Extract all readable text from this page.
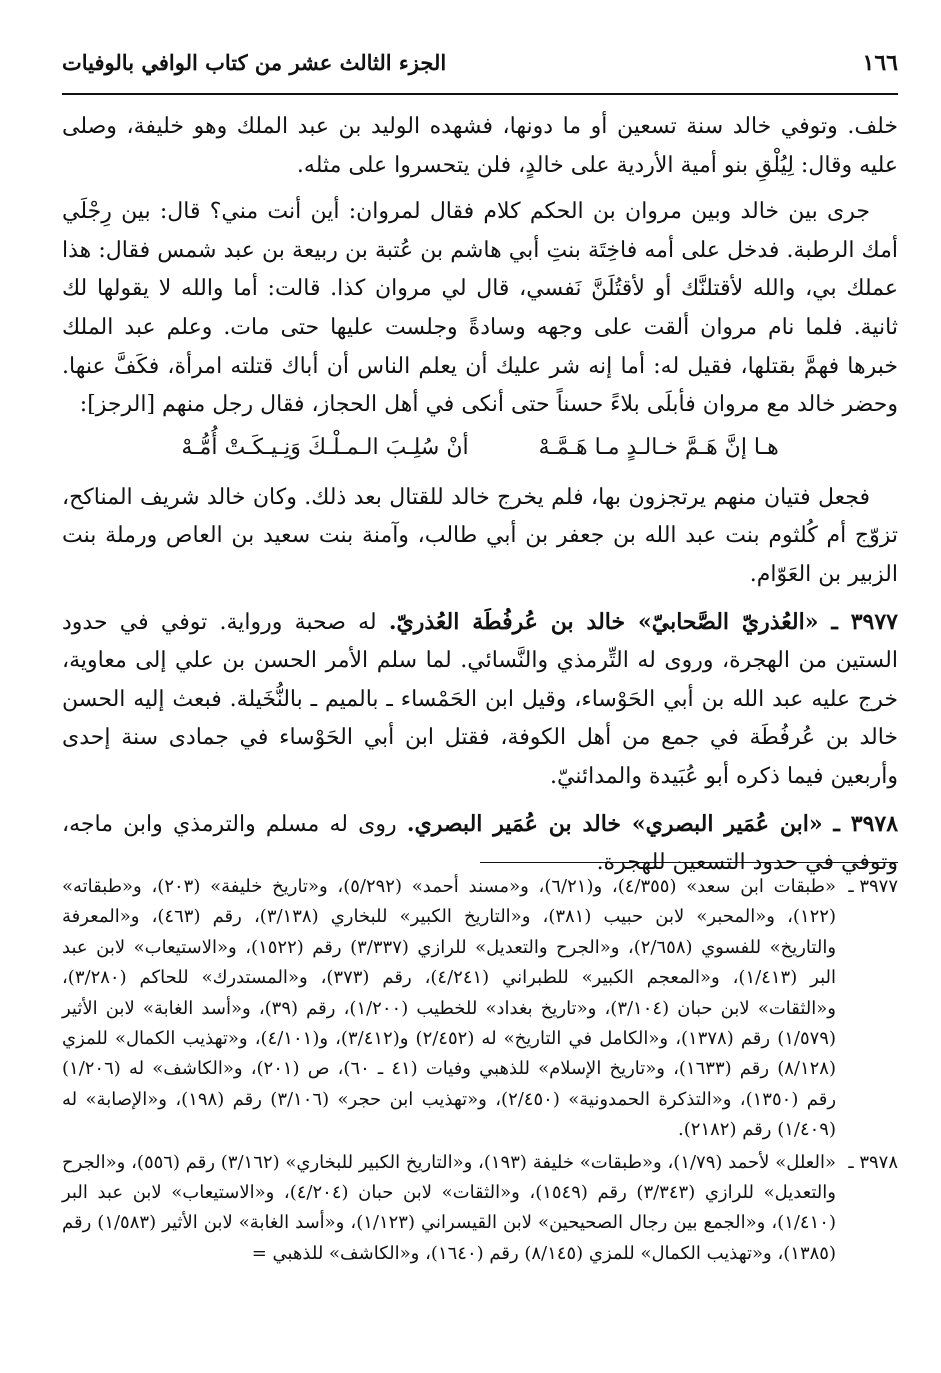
١٦٦
الجزء الثالث عشر من كتاب الوافي بالوفيات

خلف. وتوفي خالد سنة تسعين أو ما دونها، فشهده الوليد بن عبد الملك وهو خليفة، وصلى عليه وقال: لِيُلْقِ بنو أمية الأردية على خالدٍ، فلن يتحسروا على مثله.

جرى بين خالد وبين مروان بن الحكم كلام فقال لمروان: أين أنت مني؟ قال: بين رِجْلَي أمك الرطبة. فدخل على أمه فاخِتَة بنتِ أبي هاشم بن عُتبة بن ربيعة بن عبد شمس فقال: هذا عملك بي، والله لأقتلنَّك أو لأقتُلَنَّ نَفسي، قال لي مروان كذا. قالت: أما والله لا يقولها لك ثانية. فلما نام مروان ألقت على وجهه وسادةً وجلست عليها حتى مات. وعلم عبد الملك خبرها فهمَّ بقتلها، فقيل له: أما إنه شر عليك أن يعلم الناس أن أباك قتلته امرأة، فكَفَّ عنها. وحضر خالد مع مروان فأبلَى بلاءً حسناً حتى أنكى في أهل الحجاز، فقال رجل منهم [الرجز]:

هـا إنَّ هَـمَّ خـالـدٍ مـا هَـمَّـهْ
أنْ سُلِـبَ الـمـلْـكَ وَنِـيـكَـتْ أُمُّـهْ

فجعل فتيان منهم يرتجزون بها، فلم يخرج خالد للقتال بعد ذلك. وكان خالد شريف المناكح، تزوّج أم كُلثوم بنت عبد الله بن جعفر بن أبي طالب، وآمنة بنت سعيد بن العاص ورملة بنت الزبير بن العَوّام.

٣٩٧٧ ـ «العُذريّ الصَّحابيّ» خالد بن عُرفُطَة العُذريّ. له صحبة ورواية. توفي في حدود الستين من الهجرة، وروى له التِّرمذي والنَّسائي. لما سلم الأمر الحسن بن علي إلى معاوية، خرج عليه عبد الله بن أبي الحَوْساء، وقيل ابن الحَمْساء ـ بالميم ـ بالنُّخَيلة. فبعث إليه الحسن خالد بن عُرفُطَة في جمع من أهل الكوفة، فقتل ابن أبي الحَوْساء في جمادى سنة إحدى وأربعين فيما ذكره أبو عُبَيدة والمدائنيّ.

٣٩٧٨ ـ «ابن عُمَير البصري» خالد بن عُمَير البصري. روى له مسلم والترمذي وابن ماجه، وتوفي في حدود التسعين للهجرة.

٣٩٧٧ ـ
«طبقات ابن سعد» (٤/٣٥٥)، و(٦/٢١)، و«مسند أحمد» (٥/٢٩٢)، و«تاريخ خليفة» (٢٠٣)، و«طبقاته» (١٢٢)، و«المحبر» لابن حبيب (٣٨١)، و«التاريخ الكبير» للبخاري (٣/١٣٨)، رقم (٤٦٣)، و«المعرفة والتاريخ» للفسوي (٢/٦٥٨)، و«الجرح والتعديل» للرازي (٣/٣٣٧) رقم (١٥٢٢)، و«الاستيعاب» لابن عبد البر (١/٤١٣)، و«المعجم الكبير» للطبراني (٤/٢٤١)، رقم (٣٧٣)، و«المستدرك» للحاكم (٣/٢٨٠)، و«الثقات» لابن حبان (٣/١٠٤)، و«تاريخ بغداد» للخطيب (١/٢٠٠)، رقم (٣٩)، و«أسد الغابة» لابن الأثير (١/٥٧٩) رقم (١٣٧٨)، و«الكامل في التاريخ» له (٢/٤٥٢) و(٣/٤١٢)، و(٤/١٠١)، و«تهذيب الكمال» للمزي (٨/١٢٨) رقم (١٦٣٣)، و«تاريخ الإسلام» للذهبي وفيات (٤١ ـ ٦٠)، ص (٢٠١)، و«الكاشف» له (١/٢٠٦) رقم (١٣٥٠)، و«التذكرة الحمدونية» (٢/٤٥٠)، و«تهذيب ابن حجر» (٣/١٠٦) رقم (١٩٨)، و«الإصابة» له (١/٤٠٩) رقم (٢١٨٢).
٣٩٧٨ ـ
«العلل» لأحمد (١/٧٩)، و«طبقات» خليفة (١٩٣)، و«التاريخ الكبير للبخاري» (٣/١٦٢) رقم (٥٥٦)، و«الجرح والتعديل» للرازي (٣/٣٤٣) رقم (١٥٤٩)، و«الثقات» لابن حبان (٤/٢٠٤)، و«الاستيعاب» لابن عبد البر (١/٤١٠)، و«الجمع بين رجال الصحيحين» لابن القيسراني (١/١٢٣)، و«أسد الغابة» لابن الأثير (١/٥٨٣) رقم (١٣٨٥)، و«تهذيب الكمال» للمزي (٨/١٤٥) رقم (١٦٤٠)، و«الكاشف» للذهبي =
